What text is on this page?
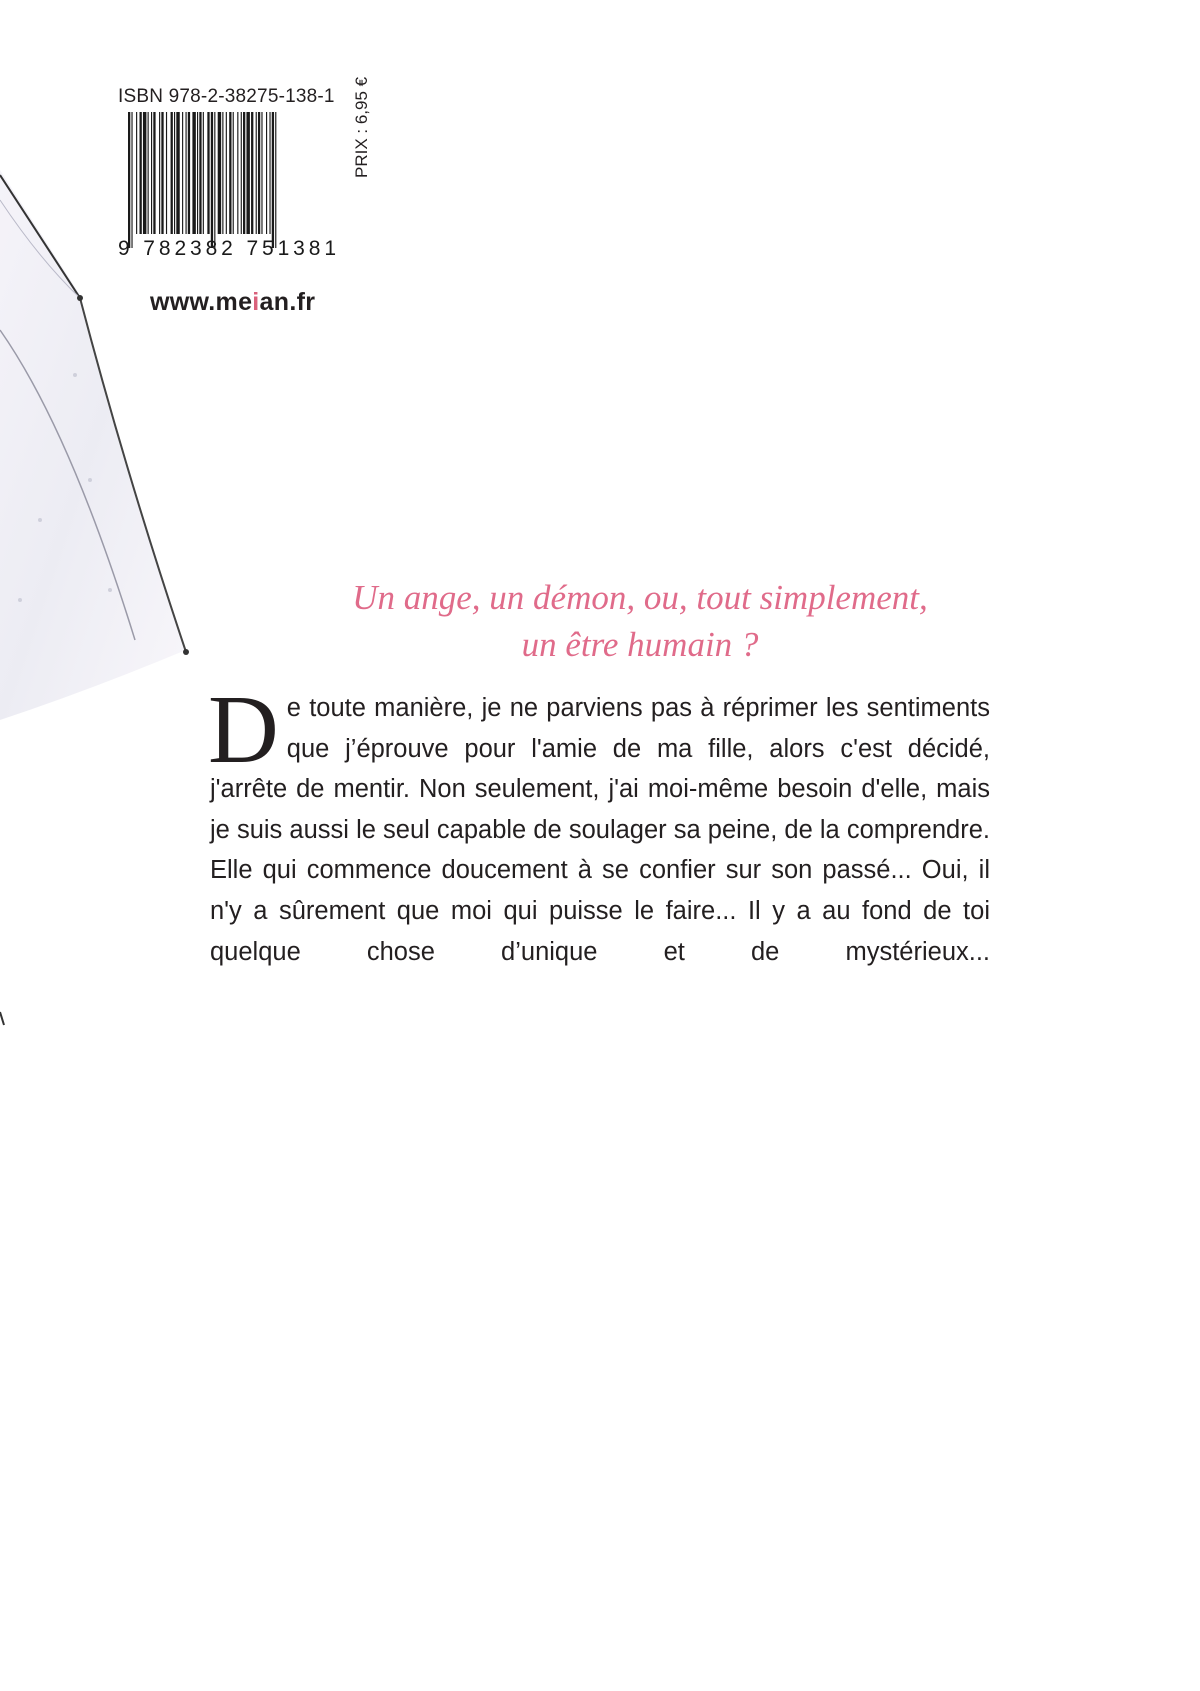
ISBN 978-2-38275-138-1
9 782382 751381
PRIX : 6,95 €
www.meian.fr
Un ange, un démon, ou, tout simplement,
un être humain ?
De toute manière, je ne parviens pas à réprimer les sentiments que j’éprouve pour l'amie de ma fille, alors c'est décidé, j'arrête de mentir. Non seulement, j'ai moi-même besoin d'elle, mais je suis aussi le seul capable de soulager sa peine, de la comprendre. Elle qui commence doucement à se confier sur son passé... Oui, il n'y a sûrement que moi qui puisse le faire... Il y a au fond de toi quelque chose d’unique et de mystérieux...
